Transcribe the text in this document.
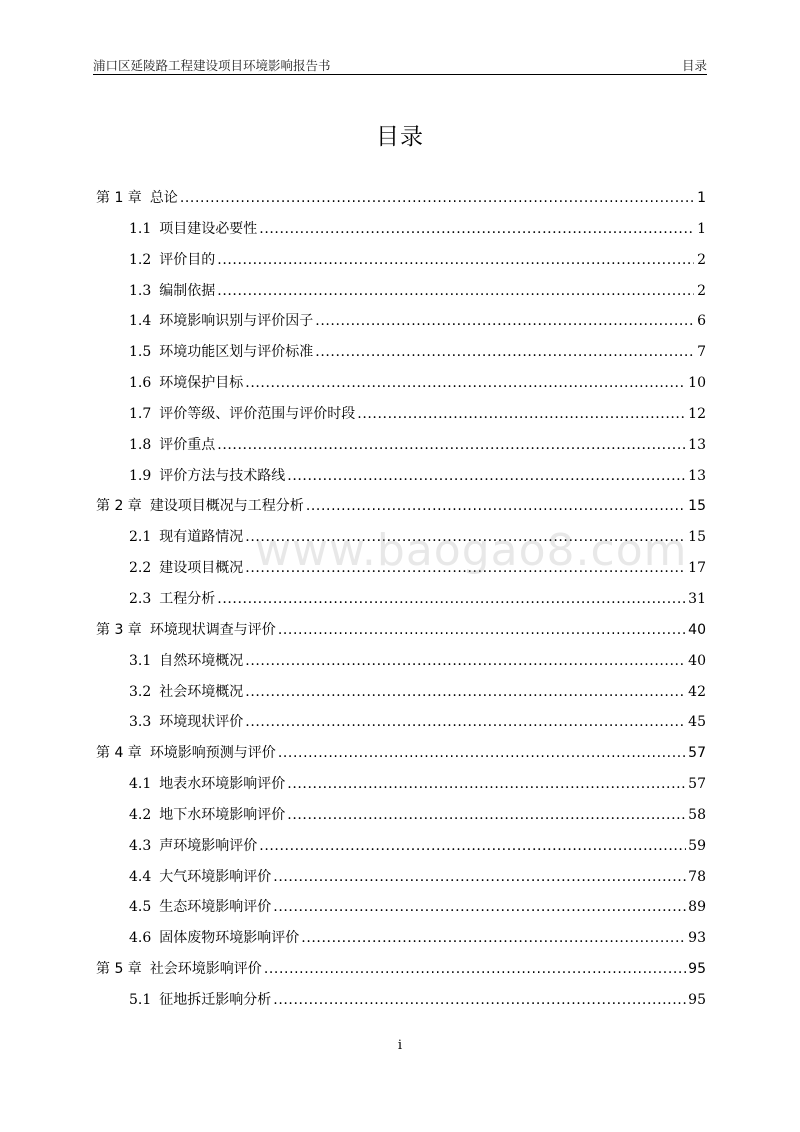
浦口区延陵路工程建设项目环境影响报告书	目录
目录
第 1 章 总论 .....	1
1.1 项目建设必要性 .....	1
1.2 评价目的 .....	2
1.3 编制依据 .....	2
1.4 环境影响识别与评价因子 .....	6
1.5 环境功能区划与评价标准 .....	7
1.6 环境保护目标 .....	10
1.7 评价等级、评价范围与评价时段 .....	12
1.8 评价重点 .....	13
1.9 评价方法与技术路线 .....	13
第 2 章 建设项目概况与工程分析 .....	15
2.1 现有道路情况 .....	15
2.2 建设项目概况 .....	17
2.3 工程分析 .....	31
第 3 章 环境现状调查与评价 .....	40
3.1 自然环境概况 .....	40
3.2 社会环境概况 .....	42
3.3 环境现状评价 .....	45
第 4 章 环境影响预测与评价 .....	57
4.1 地表水环境影响评价 .....	57
4.2 地下水环境影响评价 .....	58
4.3 声环境影响评价 .....	59
4.4 大气环境影响评价 .....	78
4.5 生态环境影响评价 .....	89
4.6 固体废物环境影响评价 .....	93
第 5 章 社会环境影响评价 .....	95
5.1 征地拆迁影响分析 .....	95
www.baogao8.com
i
